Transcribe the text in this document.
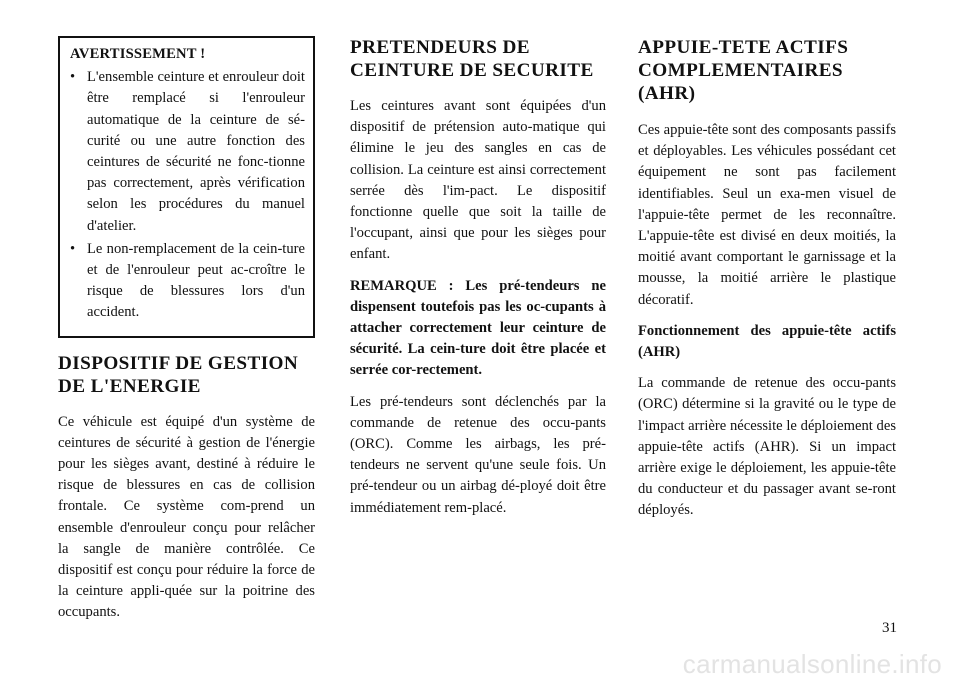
AVERTISSEMENT !
• L'ensemble ceinture et enrouleur doit être remplacé si l'enrouleur automatique de la ceinture de sé-curité ou une autre fonction des ceintures de sécurité ne fonc-tionne pas correctement, après vérification selon les procédures du manuel d'atelier.
• Le non-remplacement de la cein-ture et de l'enrouleur peut ac-croître le risque de blessures lors d'un accident.
DISPOSITIF DE GESTION DE L'ENERGIE

Ce véhicule est équipé d'un système de ceintures de sécurité à gestion de l'énergie pour les sièges avant, destiné à réduire le risque de blessures en cas de collision frontale. Ce système com-prend un ensemble d'enrouleur conçu pour relâcher la sangle de manière contrôlée. Ce dispositif est conçu pour réduire la force de la ceinture appli-quée sur la poitrine des occupants.

PRETENDEURS DE CEINTURE DE SECURITE

Les ceintures avant sont équipées d'un dispositif de prétension auto-matique qui élimine le jeu des sangles en cas de collision. La ceinture est ainsi correctement serrée dès l'im-pact. Le dispositif fonctionne quelle que soit la taille de l'occupant, ainsi que pour les sièges pour enfant.

REMARQUE : Les pré-tendeurs ne dispensent toutefois pas les oc-cupants à attacher correctement leur ceinture de sécurité. La cein-ture doit être placée et serrée cor-rectement.

Les pré-tendeurs sont déclenchés par la commande de retenue des occu-pants (ORC). Comme les airbags, les pré-tendeurs ne servent qu'une seule fois. Un pré-tendeur ou un airbag dé-ployé doit être immédiatement rem-placé.

APPUIE-TETE ACTIFS COMPLEMENTAIRES (AHR)

Ces appuie-tête sont des composants passifs et déployables. Les véhicules possédant cet équipement ne sont pas facilement identifiables. Seul un exa-men visuel de l'appuie-tête permet de les reconnaître. L'appuie-tête est divisé en deux moitiés, la moitié avant comportant le garnissage et la mousse, la moitié arrière le plastique décoratif.

Fonctionnement des appuie-tête actifs (AHR)

La commande de retenue des occu-pants (ORC) détermine si la gravité ou le type de l'impact arrière nécessite le déploiement des appuie-tête actifs (AHR). Si un impact arrière exige le déploiement, les appuie-tête du conducteur et du passager avant se-ront déployés.

31
carmanualsonline.info
